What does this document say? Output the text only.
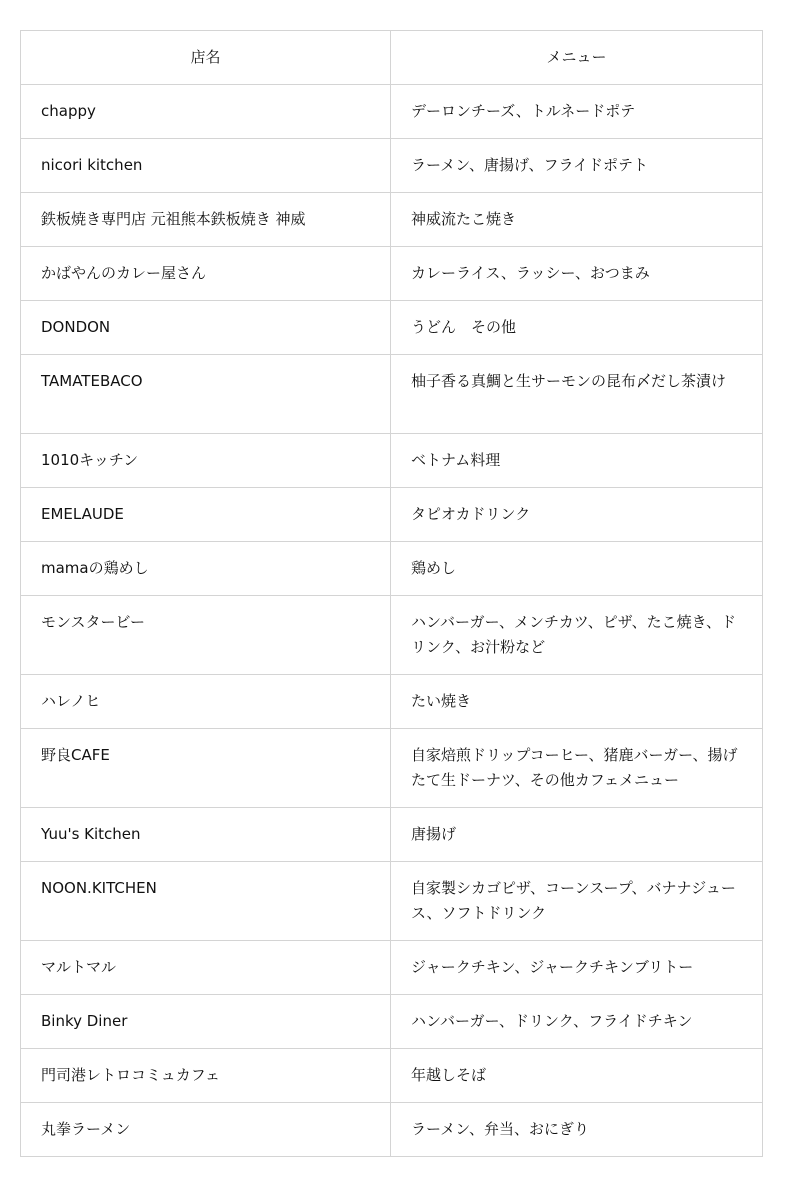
店名	メニュー
chappy	デーロンチーズ、トルネードポテ
nicori kitchen	ラーメン、唐揚げ、フライドポテト
鉄板焼き専門店 元祖熊本鉄板焼き 神威	神威流たこ焼き
かばやんのカレー屋さん	カレーライス、ラッシー、おつまみ
DONDON	うどん　その他
TAMATEBACO	柚子香る真鯛と生サーモンの昆布〆だし茶漬け
1010キッチン	ベトナム料理
EMELAUDE	タピオカドリンク
mamaの鶏めし	鶏めし
モンスタービー	ハンバーガー、メンチカツ、ピザ、たこ焼き、ドリンク、お汁粉など
ハレノヒ	たい焼き
野良CAFE	自家焙煎ドリップコーヒー、猪鹿バーガー、揚げたて生ドーナツ、その他カフェメニュー
Yuu's Kitchen	唐揚げ
NOON.KITCHEN	自家製シカゴピザ、コーンスープ、バナナジュース、ソフトドリンク
マルトマル	ジャークチキン、ジャークチキンブリトー
Binky Diner	ハンバーガー、ドリンク、フライドチキン
門司港レトロコミュカフェ	年越しそば
丸拳ラーメン	ラーメン、弁当、おにぎり
